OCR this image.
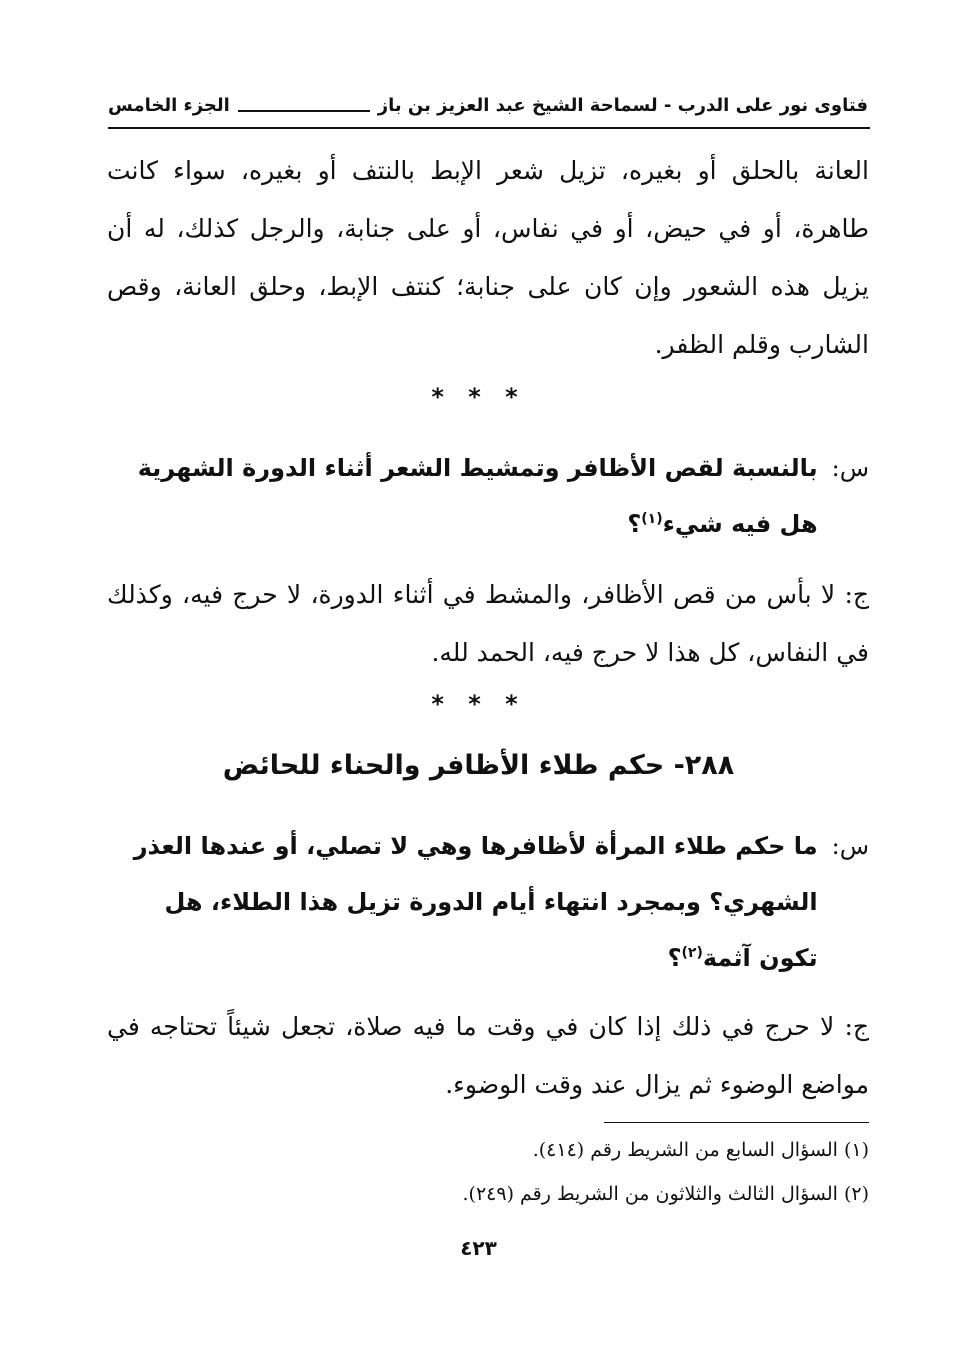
فتاوى نور على الدرب - لسماحة الشيخ عبد العزيز بن باز
الجزء الخامس
العانة بالحلق أو بغيره، تزيل شعر الإبط بالنتف أو بغيره، سواء كانت طاهرة، أو في حيض، أو في نفاس، أو على جنابة، والرجل كذلك، له أن يزيل هذه الشعور وإن كان على جنابة؛ كنتف الإبط، وحلق العانة، وقص الشارب وقلم الظفر.
* * *
س:
بالنسبة لقص الأظافر وتمشيط الشعر أثناء الدورة الشهرية هل فيه شيء$^{(١)}$؟
ج: لا بأس من قص الأظافر، والمشط في أثناء الدورة، لا حرج فيه، وكذلك في النفاس، كل هذا لا حرج فيه، الحمد لله.
* * *
٢٨٨- حكم طلاء الأظافر والحناء للحائض
س:
ما حكم طلاء المرأة لأظافرها وهي لا تصلي، أو عندها العذر الشهري؟ وبمجرد انتهاء أيام الدورة تزيل هذا الطلاء، هل تكون آثمة$^{(٢)}$؟
ج: لا حرج في ذلك إذا كان في وقت ما فيه صلاة، تجعل شيئاً تحتاجه في مواضع الوضوء ثم يزال عند وقت الوضوء.
(١) السؤال السابع من الشريط رقم (٤١٤).
(٢) السؤال الثالث والثلاثون من الشريط رقم (٢٤٩).
٤٢٣
